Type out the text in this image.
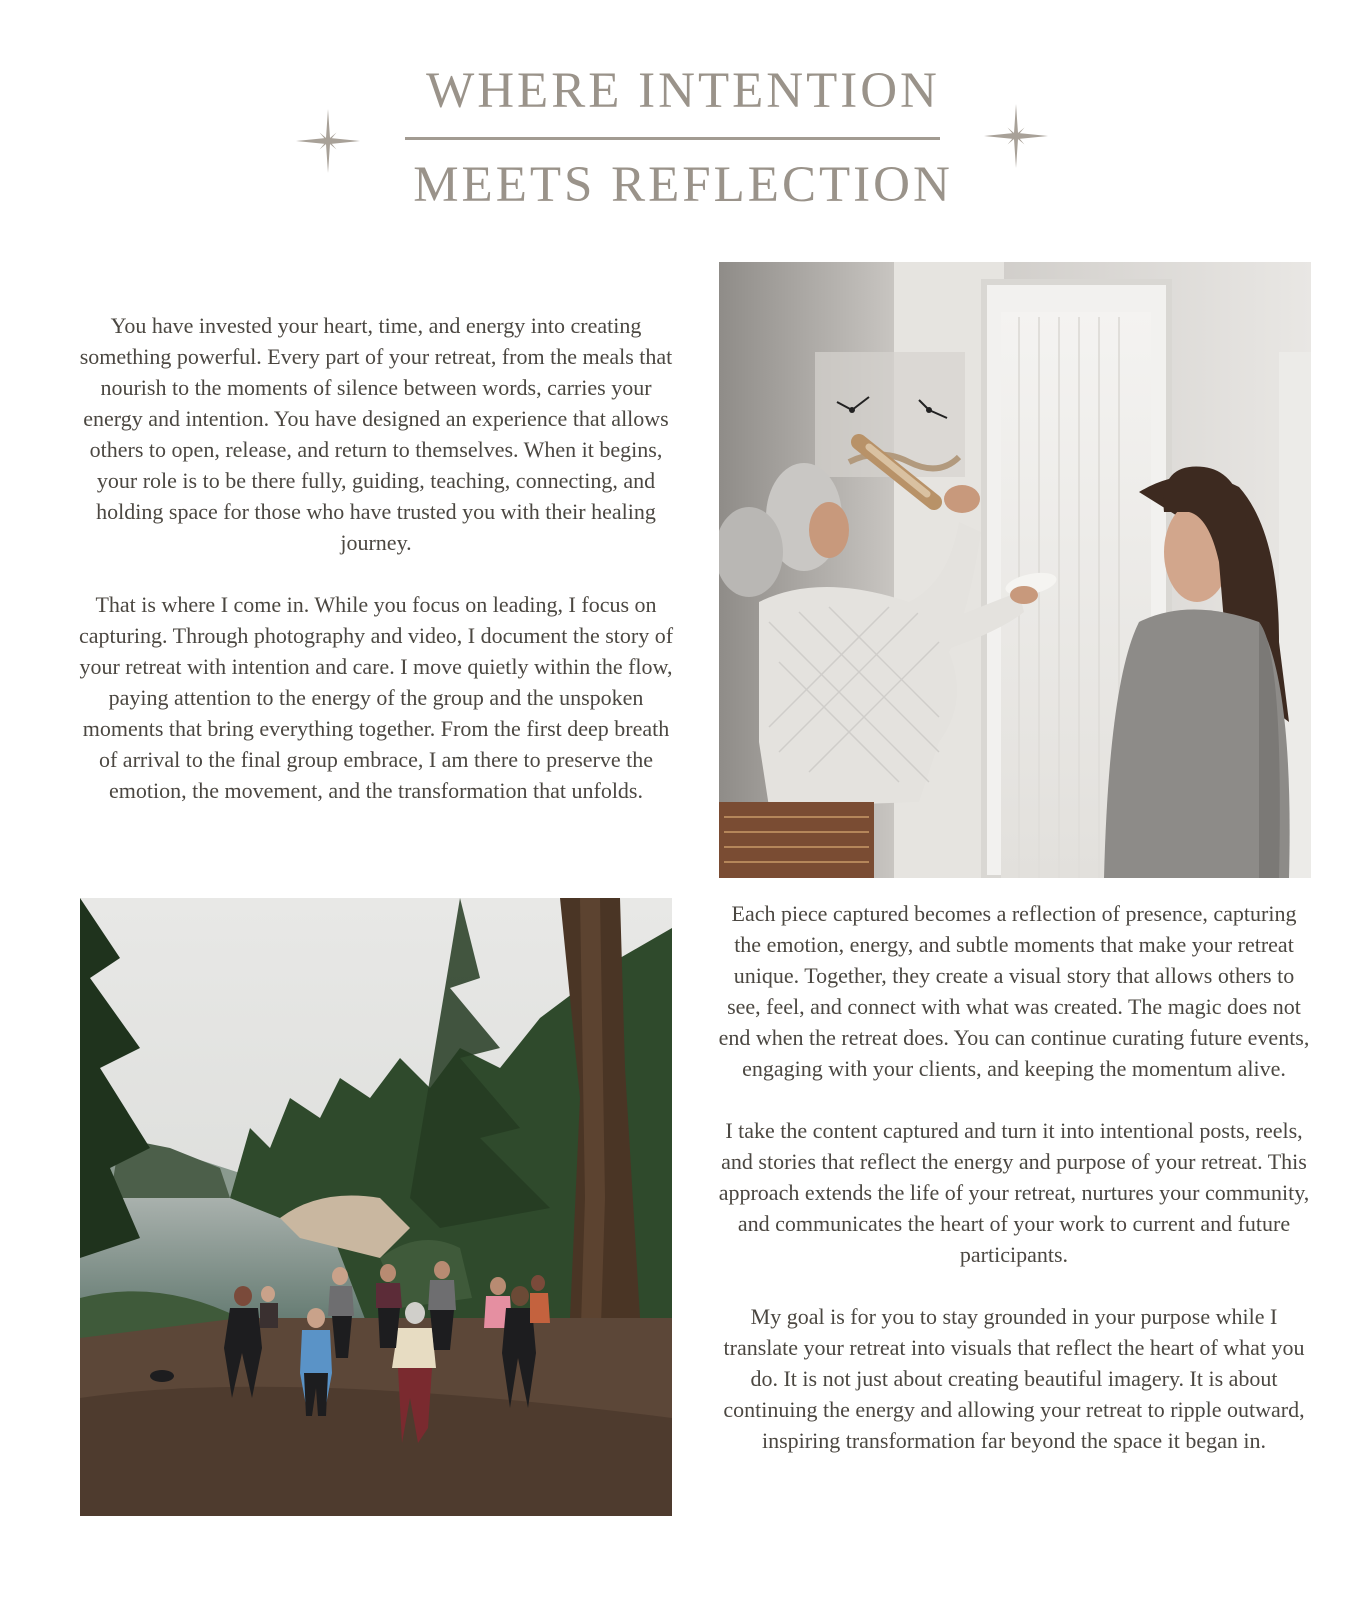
WHERE INTENTION
MEETS REFLECTION

You have invested your heart, time, and energy into creating something powerful. Every part of your retreat, from the meals that nourish to the moments of silence between words, carries your energy and intention. You have designed an experience that allows others to open, release, and return to themselves. When it begins, your role is to be there fully, guiding, teaching, connecting, and holding space for those who have trusted you with their healing journey.

That is where I come in. While you focus on leading, I focus on capturing. Through photography and video, I document the story of your retreat with intention and care. I move quietly within the flow, paying attention to the energy of the group and the unspoken moments that bring everything together. From the first deep breath of arrival to the final group embrace, I am there to preserve the emotion, the movement, and the transformation that unfolds.

Each piece captured becomes a reflection of presence, capturing the emotion, energy, and subtle moments that make your retreat unique. Together, they create a visual story that allows others to see, feel, and connect with what was created. The magic does not end when the retreat does. You can continue curating future events, engaging with your clients, and keeping the momentum alive.

I take the content captured and turn it into intentional posts, reels, and stories that reflect the energy and purpose of your retreat. This approach extends the life of your retreat, nurtures your community, and communicates the heart of your work to current and future participants.

My goal is for you to stay grounded in your purpose while I translate your retreat into visuals that reflect the heart of what you do. It is not just about creating beautiful imagery. It is about continuing the energy and allowing your retreat to ripple outward, inspiring transformation far beyond the space it began in.
